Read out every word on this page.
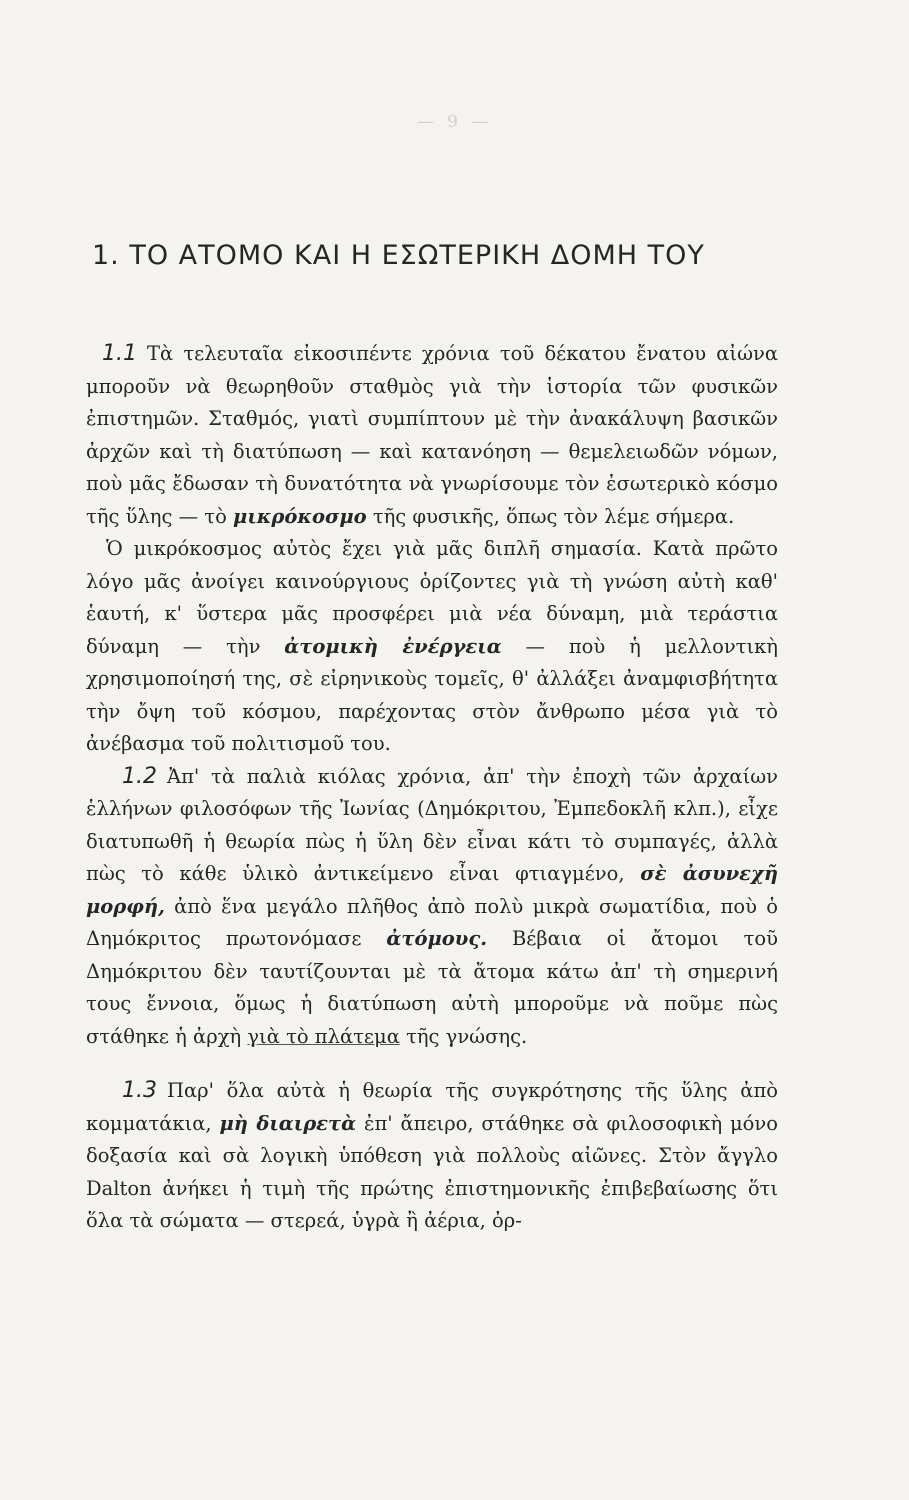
— 9 —
1. ΤΟ ΑΤΟΜΟ ΚΑΙ Η ΕΣΩΤΕΡΙΚΗ ΔΟΜΗ ΤΟΥ

1.1 Τὰ τελευταῖα εἰκοσιπέντε χρόνια τοῦ δέκατου ἔνατου αἰώνα μποροῦν νὰ θεωρηθοῦν σταθμὸς γιὰ τὴν ἱστορία τῶν φυσικῶν ἐπιστημῶν. Σταθμός, γιατὶ συμπίπτουν μὲ τὴν ἀνακάλυψη βασικῶν ἀρχῶν καὶ τὴ διατύπωση — καὶ κατανόηση — θεμελειωδῶν νόμων, ποὺ μᾶς ἔδωσαν τὴ δυνατότητα νὰ γνωρίσουμε τὸν ἐσωτερικὸ κόσμο τῆς ὕλης — τὸ μικρόκοσμο τῆς φυσικῆς, ὅπως τὸν λέμε σήμερα.

Ὁ μικρόκοσμος αὐτὸς ἔχει γιὰ μᾶς διπλῆ σημασία. Κατὰ πρῶτο λόγο μᾶς ἀνοίγει καινούργιους ὁρίζοντες γιὰ τὴ γνώση αὐτὴ καθ' ἑαυτή, κ' ὕστερα μᾶς προσφέρει μιὰ νέα δύναμη, μιὰ τεράστια δύναμη — τὴν ἀτομικὴ ἐνέργεια — ποὺ ἡ μελλοντικὴ χρησιμοποίησή της, σὲ εἰρηνικοὺς τομεῖς, θ' ἀλλάξει ἀναμφισβήτητα τὴν ὄψη τοῦ κόσμου, παρέχοντας στὸν ἄνθρωπο μέσα γιὰ τὸ ἀνέβασμα τοῦ πολιτισμοῦ του.

1.2 Ἀπ' τὰ παλιὰ κιόλας χρόνια, ἀπ' τὴν ἐποχὴ τῶν ἀρχαίων ἑλλήνων φιλοσόφων τῆς Ἰωνίας (Δημόκριτου, Ἐμπεδοκλῆ κλπ.), εἶχε διατυπωθῆ ἡ θεωρία πὼς ἡ ὕλη δὲν εἶναι κάτι τὸ συμπαγές, ἀλλὰ πὼς τὸ κάθε ὑλικὸ ἀντικείμενο εἶναι φτιαγμένο, σὲ ἀσυνεχῆ μορφή, ἀπὸ ἕνα μεγάλο πλῆθος ἀπὸ πολὺ μικρὰ σωματίδια, ποὺ ὁ Δημόκριτος πρωτονόμασε ἀτόμους. Βέβαια οἱ ἄτομοι τοῦ Δημόκριτου δὲν ταυτίζουνται μὲ τὰ ἄτομα κάτω ἀπ' τὴ σημερινή τους ἔννοια, ὅμως ἡ διατύπωση αὐτὴ μποροῦμε νὰ ποῦμε πὼς στάθηκε ἡ ἀρχὴ γιὰ τὸ πλάτεμα τῆς γνώσης.

1.3 Παρ' ὅλα αὐτὰ ἡ θεωρία τῆς συγκρότησης τῆς ὕλης ἀπὸ κομματάκια, μὴ διαιρετὰ ἐπ' ἄπειρο, στάθηκε σὰ φιλοσοφικὴ μόνο δοξασία καὶ σὰ λογικὴ ὑπόθεση γιὰ πολλοὺς αἰῶνες. Στὸν ἄγγλο Dalton ἀνήκει ἡ τιμὴ τῆς πρώτης ἐπιστημονικῆς ἐπιβεβαίωσης ὅτι ὅλα τὰ σώματα — στερεά, ὑγρὰ ἢ ἀέρια, ὀρ-
